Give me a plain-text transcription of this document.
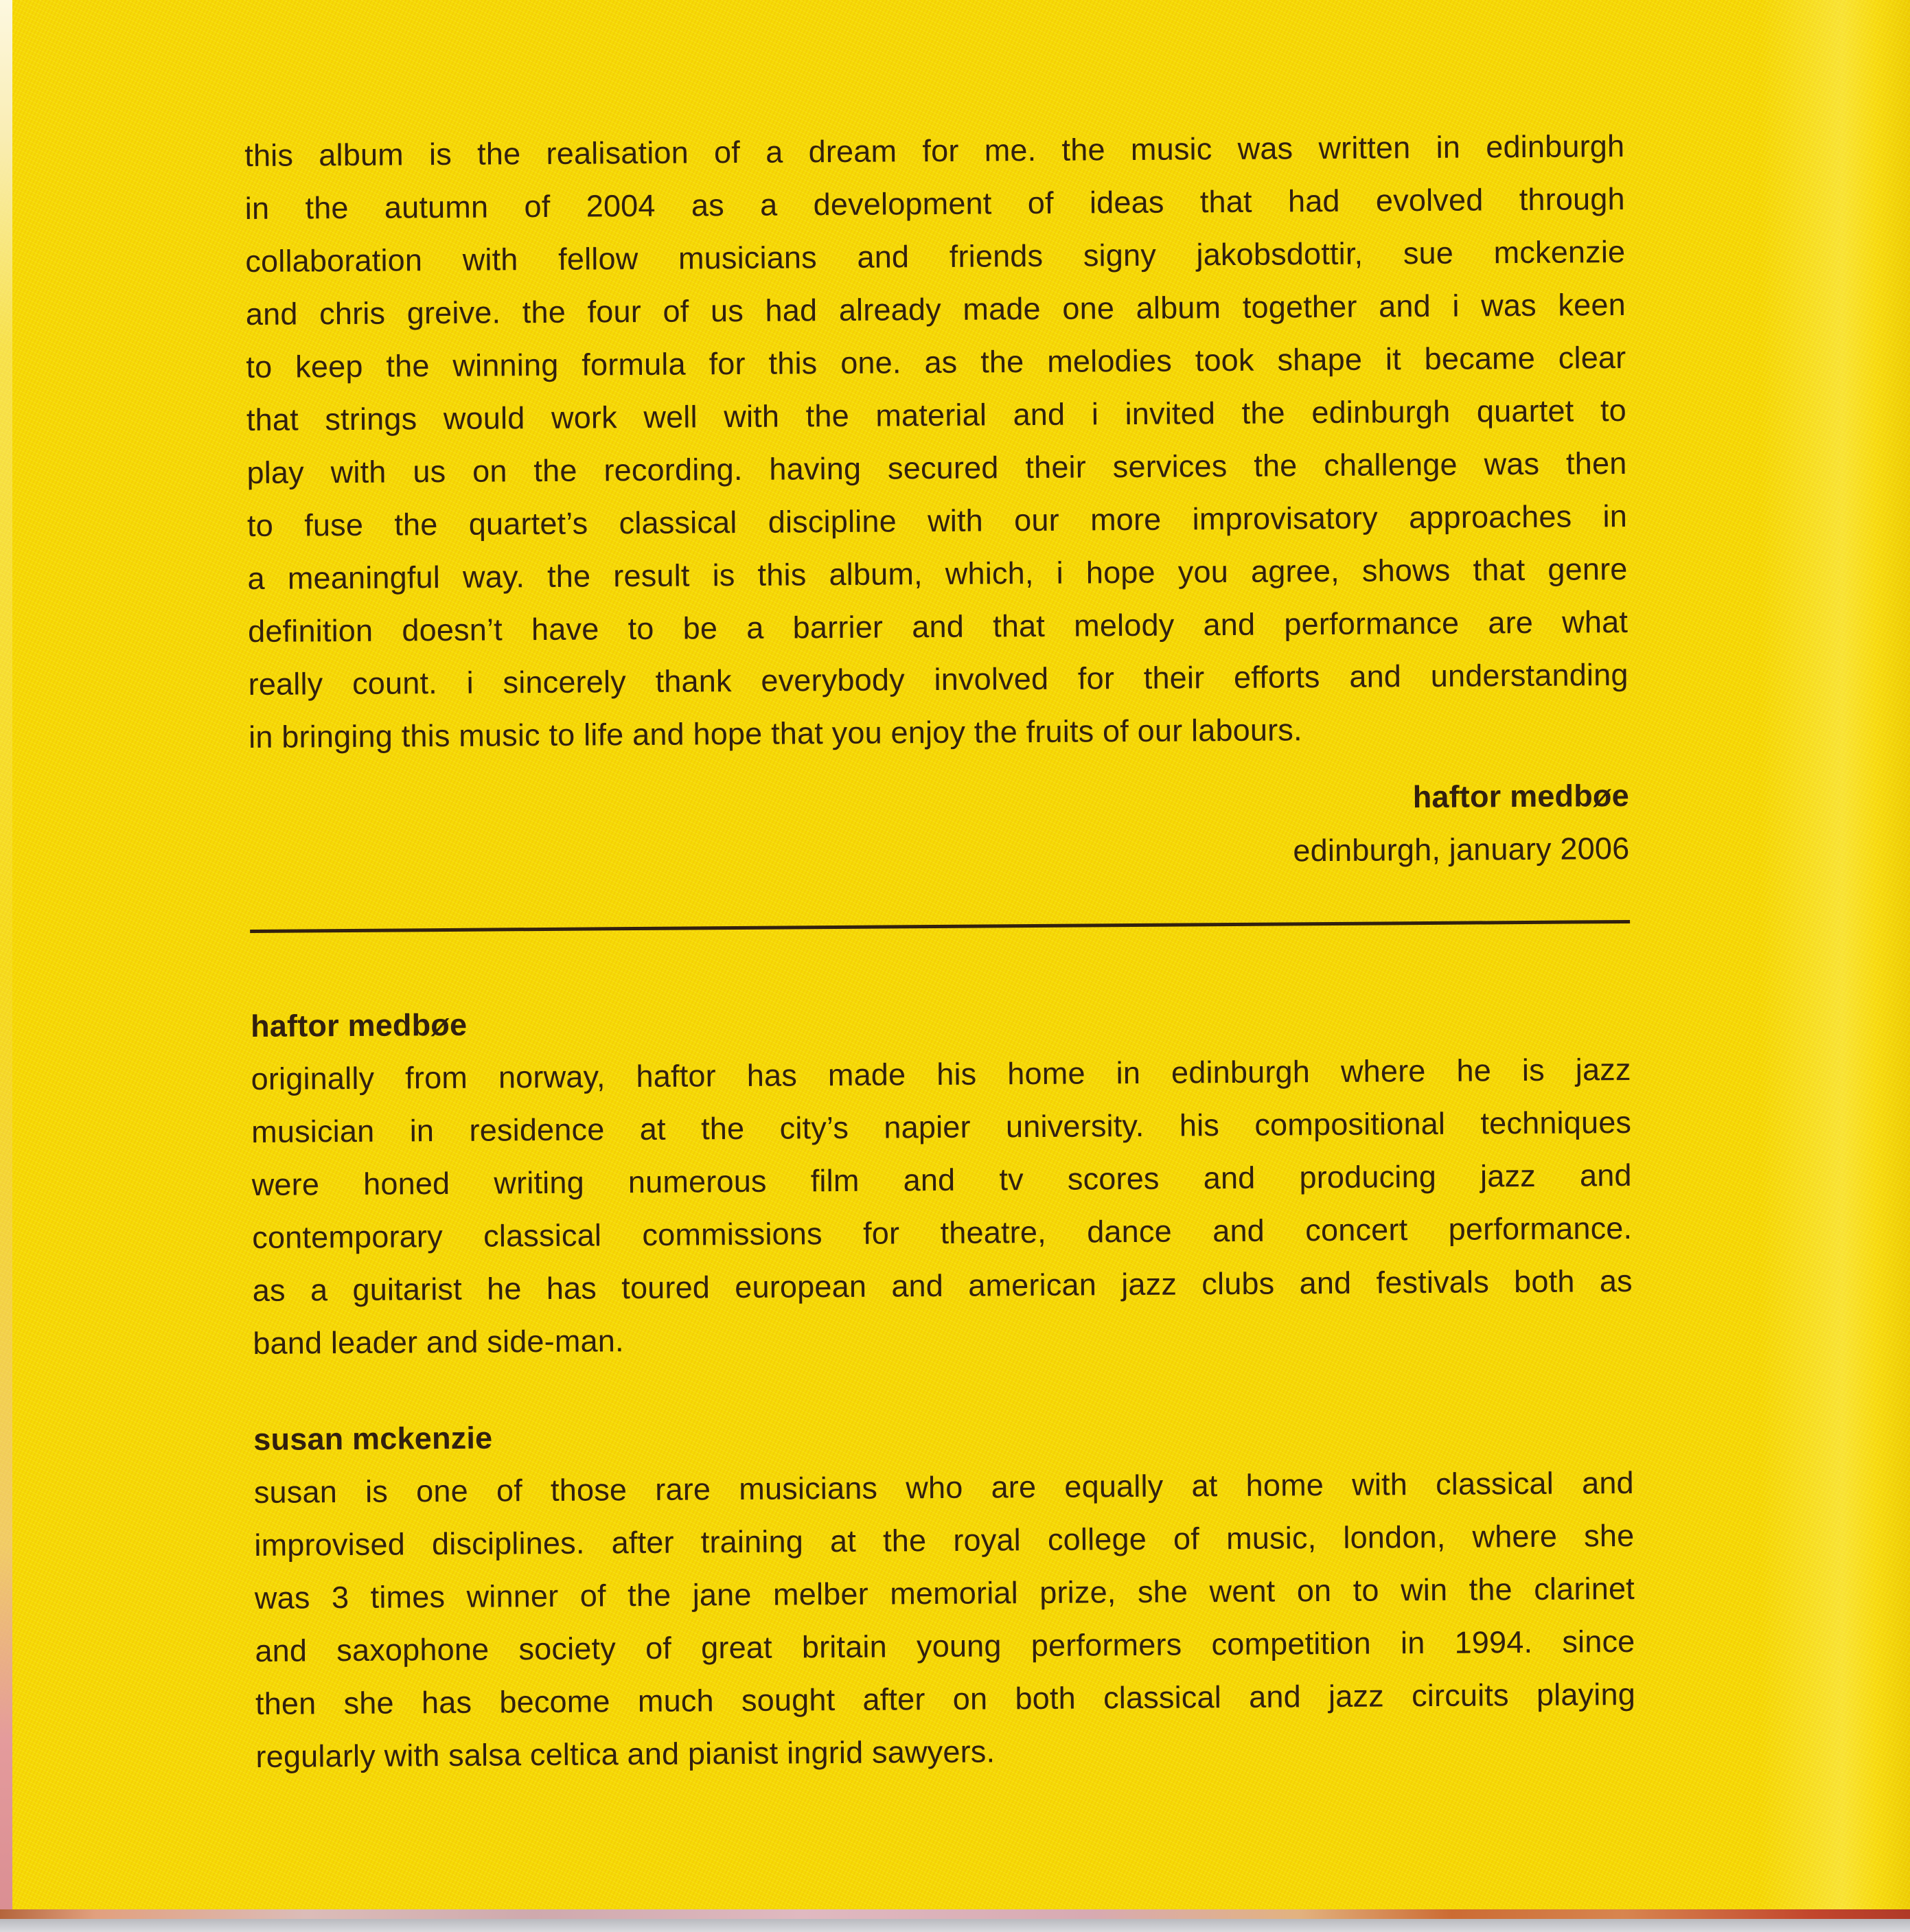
this album is the realisation of a dream for me. the music was written in edinburgh
in the autumn of 2004 as a development of ideas that had evolved through
collaboration with fellow musicians and friends signy jakobsdottir, sue mckenzie
and chris greive. the four of us had already made one album together and i was keen
to keep the winning formula for this one. as the melodies took shape it became clear
that strings would work well with the material and i invited the edinburgh quartet to
play with us on the recording. having secured their services the challenge was then
to fuse the quartet’s classical discipline with our more improvisatory approaches in
a meaningful way. the result is this album, which, i hope you agree, shows that genre
definition doesn’t have to be a barrier and that melody and performance are what
really count. i sincerely thank everybody involved for their efforts and understanding
in bringing this music to life and hope that you enjoy the fruits of our labours.
haftor medbøe
edinburgh, january 2006
haftor medbøe
originally from norway, haftor has made his home in edinburgh where he is jazz
musician in residence at the city’s napier university. his compositional techniques
were honed writing numerous film and tv scores and producing jazz and
contemporary classical commissions for theatre, dance and concert performance.
as a guitarist he has toured european and american jazz clubs and festivals both as
band leader and side-man.
susan mckenzie
susan is one of those rare musicians who are equally at home with classical and
improvised disciplines. after training at the royal college of music, london, where she
was 3 times winner of the jane melber memorial prize, she went on to win the clarinet
and saxophone society of great britain young performers competition in 1994. since
then she has become much sought after on both classical and jazz circuits playing
regularly with salsa celtica and pianist ingrid sawyers.
